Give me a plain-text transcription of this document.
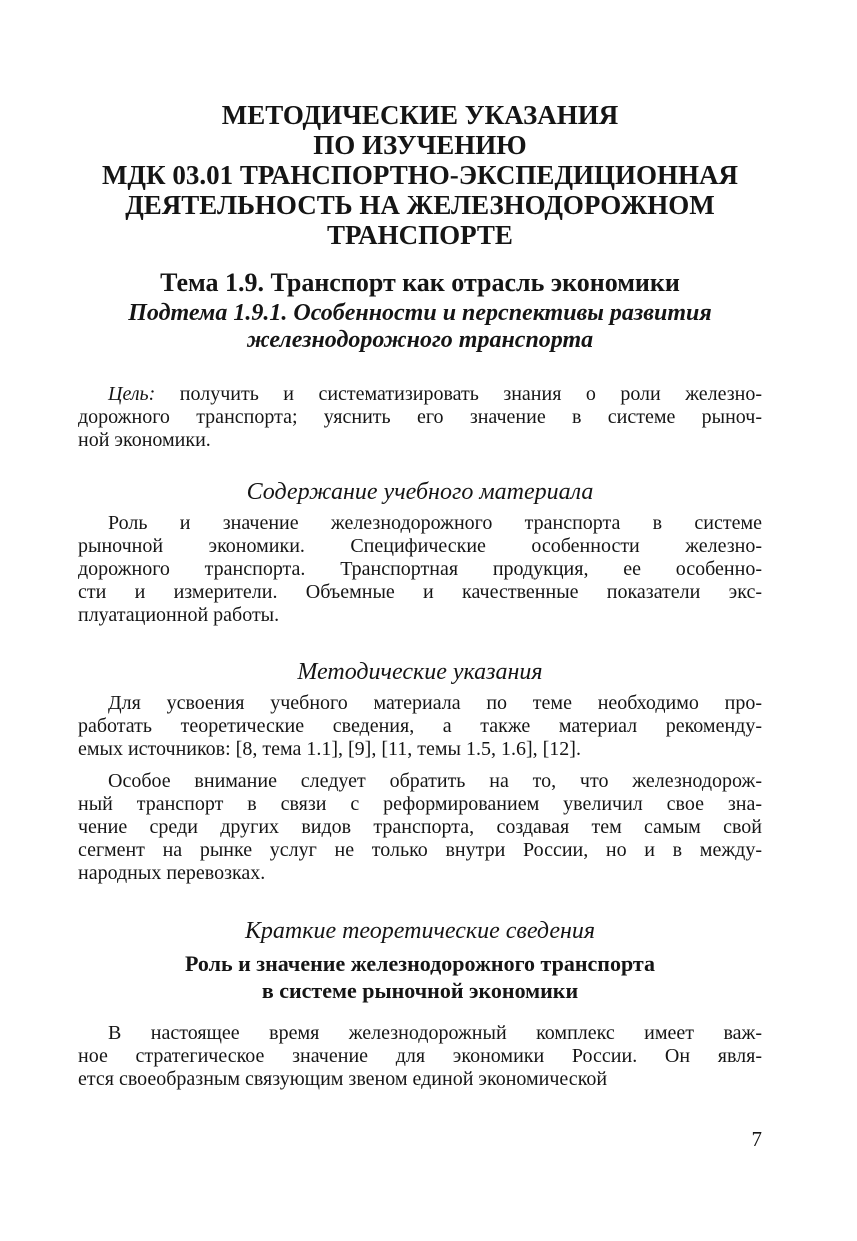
МЕТОДИЧЕСКИЕ УКАЗАНИЯ
ПО ИЗУЧЕНИЮ
МДК 03.01 ТРАНСПОРТНО-ЭКСПЕДИЦИОННАЯ
ДЕЯТЕЛЬНОСТЬ НА ЖЕЛЕЗНОДОРОЖНОМ
ТРАНСПОРТЕ
Тема 1.9. Транспорт как отрасль экономики
Подтема 1.9.1. Особенности и перспективы развития
железнодорожного транспорта
Цель: получить и систематизировать знания о роли железно-
дорожного транспорта; уяснить его значение в системе рыноч-
ной экономики.
Содержание учебного материала
Роль и значение железнодорожного транспорта в системе
рыночной экономики. Специфические особенности железно-
дорожного транспорта. Транспортная продукция, ее особенно-
сти и измерители. Объемные и качественные показатели экс-
плуатационной работы.
Методические указания
Для усвоения учебного материала по теме необходимо про-
работать теоретические сведения, а также материал рекоменду-
емых источников: [8, тема 1.1], [9], [11, темы 1.5, 1.6], [12].
Особое внимание следует обратить на то, что железнодорож-
ный транспорт в связи с реформированием увеличил свое зна-
чение среди других видов транспорта, создавая тем самым свой
сегмент на рынке услуг не только внутри России, но и в между-
народных перевозках.
Краткие теоретические сведения
Роль и значение железнодорожного транспорта
в системе рыночной экономики
В настоящее время железнодорожный комплекс имеет важ-
ное стратегическое значение для экономики России. Он явля-
ется своеобразным связующим звеном единой экономической
7
